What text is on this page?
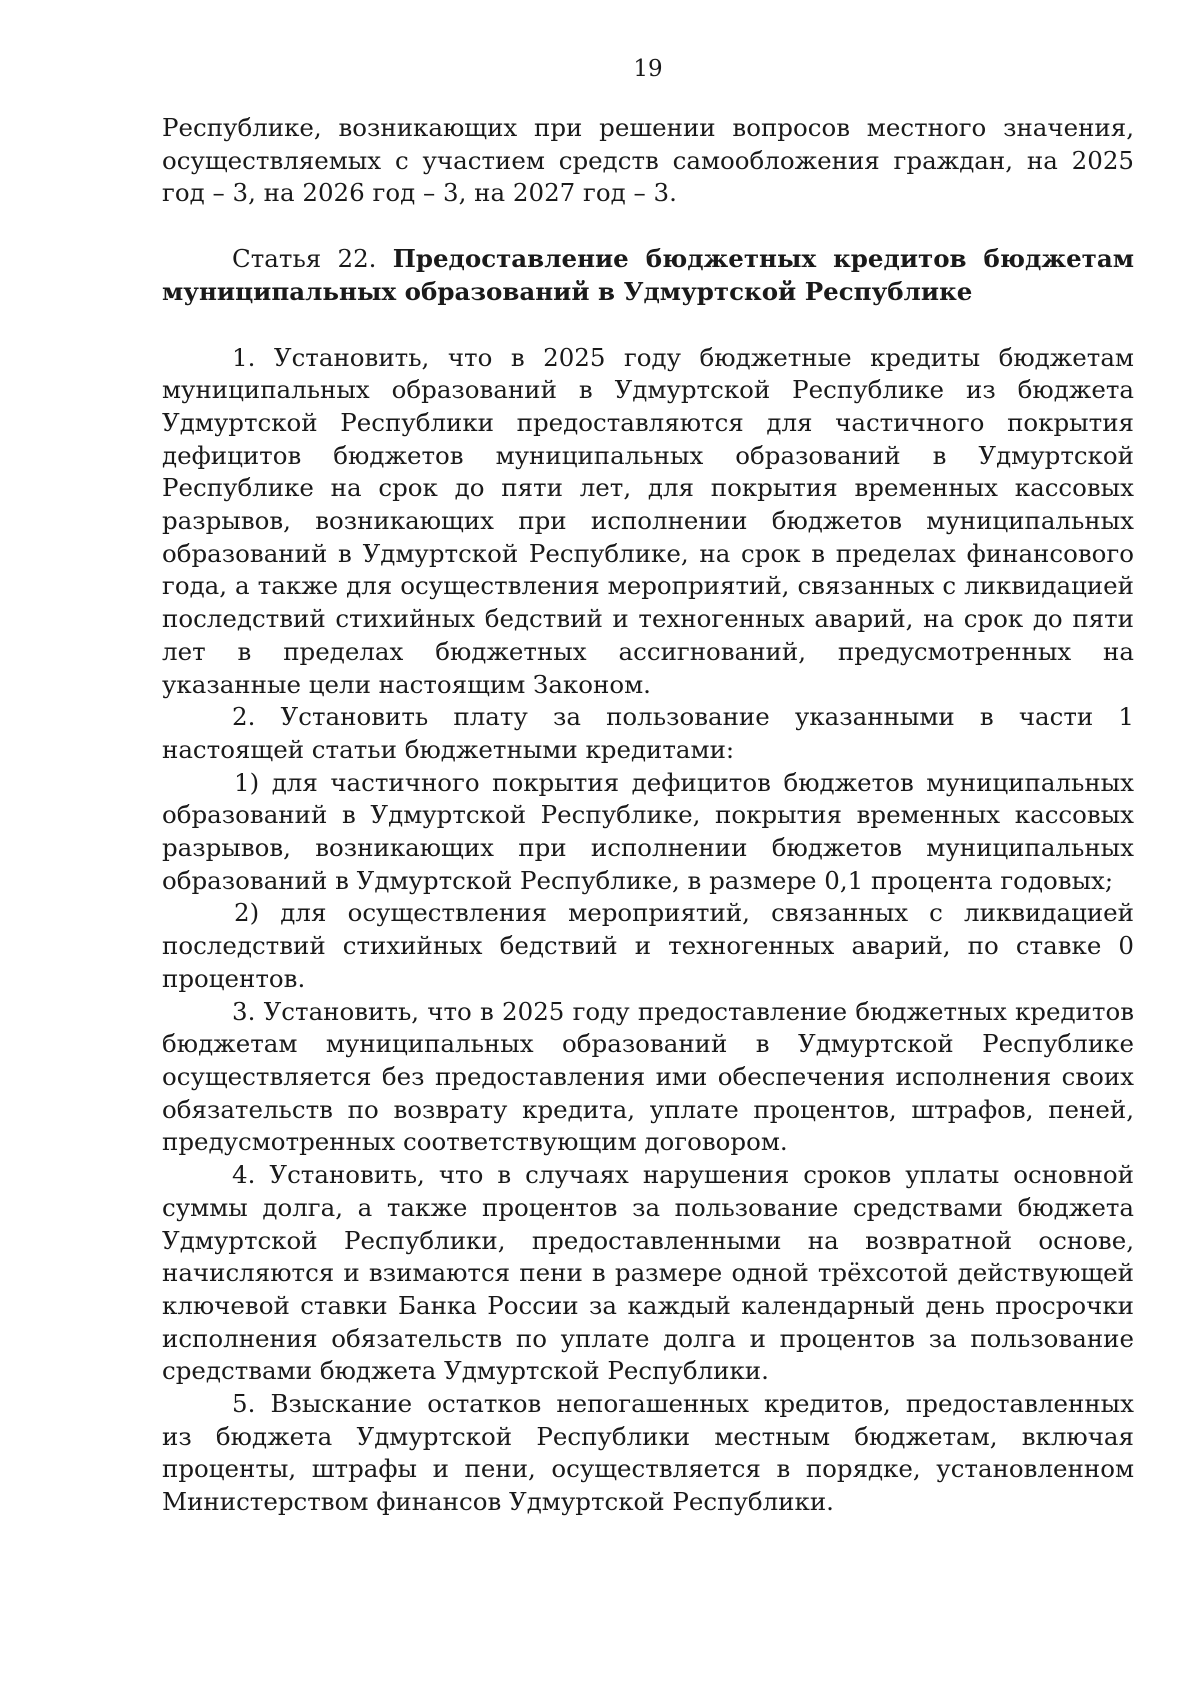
19

Республике, возникающих при решении вопросов местного значения, осуществляемых с участием средств самообложения граждан, на 2025 год – 3, на 2026 год – 3, на 2027 год – 3.

Статья 22. Предоставление бюджетных кредитов бюджетам муниципальных образований в Удмуртской Республике

1. Установить, что в 2025 году бюджетные кредиты бюджетам муниципальных образований в Удмуртской Республике из бюджета Удмуртской Республики предоставляются для частичного покрытия дефицитов бюджетов муниципальных образований в Удмуртской Республике на срок до пяти лет, для покрытия временных кассовых разрывов, возникающих при исполнении бюджетов муниципальных образований в Удмуртской Республике, на срок в пределах финансового года, а также для осуществления мероприятий, связанных с ликвидацией последствий стихийных бедствий и техногенных аварий, на срок до пяти лет в пределах бюджетных ассигнований, предусмотренных на указанные цели настоящим Законом.

2. Установить плату за пользование указанными в части 1 настоящей статьи бюджетными кредитами:

1) для частичного покрытия дефицитов бюджетов муниципальных образований в Удмуртской Республике, покрытия временных кассовых разрывов, возникающих при исполнении бюджетов муниципальных образований в Удмуртской Республике, в размере 0,1 процента годовых;

2) для осуществления мероприятий, связанных с ликвидацией последствий стихийных бедствий и техногенных аварий, по ставке 0 процентов.

3. Установить, что в 2025 году предоставление бюджетных кредитов бюджетам муниципальных образований в Удмуртской Республике осуществляется без предоставления ими обеспечения исполнения своих обязательств по возврату кредита, уплате процентов, штрафов, пеней, предусмотренных соответствующим договором.

4. Установить, что в случаях нарушения сроков уплаты основной суммы долга, а также процентов за пользование средствами бюджета Удмуртской Республики, предоставленными на возвратной основе, начисляются и взимаются пени в размере одной трёхсотой действующей ключевой ставки Банка России за каждый календарный день просрочки исполнения обязательств по уплате долга и процентов за пользование средствами бюджета Удмуртской Республики.

5. Взыскание остатков непогашенных кредитов, предоставленных из бюджета Удмуртской Республики местным бюджетам, включая проценты, штрафы и пени, осуществляется в порядке, установленном Министерством финансов Удмуртской Республики.
